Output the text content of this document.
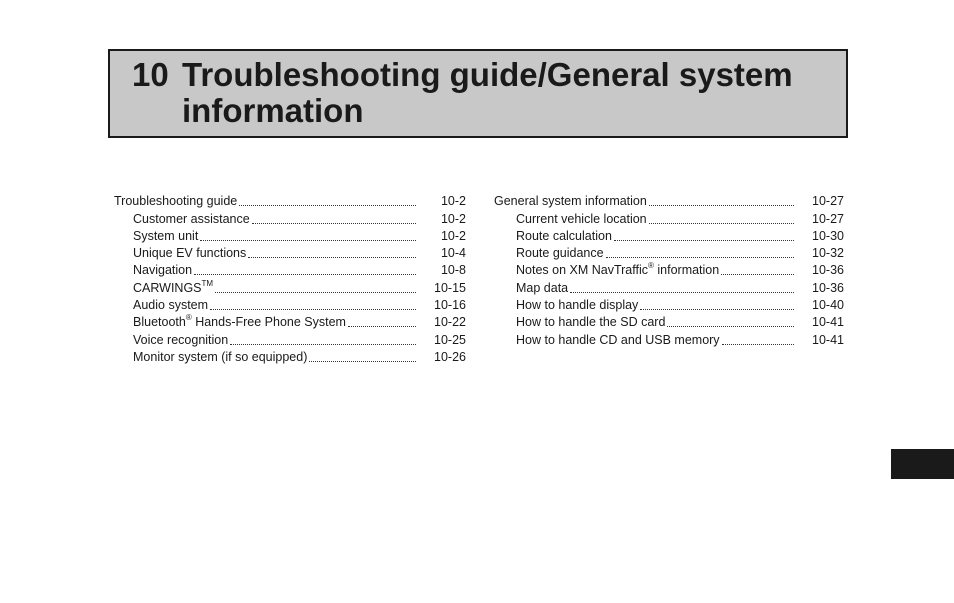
10 Troubleshooting guide/General system information
Troubleshooting guide	10-2
Customer assistance	10-2
System unit	10-2
Unique EV functions	10-4
Navigation	10-8
CARWINGS™	10-15
Audio system	10-16
Bluetooth® Hands-Free Phone System	10-22
Voice recognition	10-25
Monitor system (if so equipped)	10-26
General system information	10-27
Current vehicle location	10-27
Route calculation	10-30
Route guidance	10-32
Notes on XM NavTraffic® information	10-36
Map data	10-36
How to handle display	10-40
How to handle the SD card	10-41
How to handle CD and USB memory	10-41
